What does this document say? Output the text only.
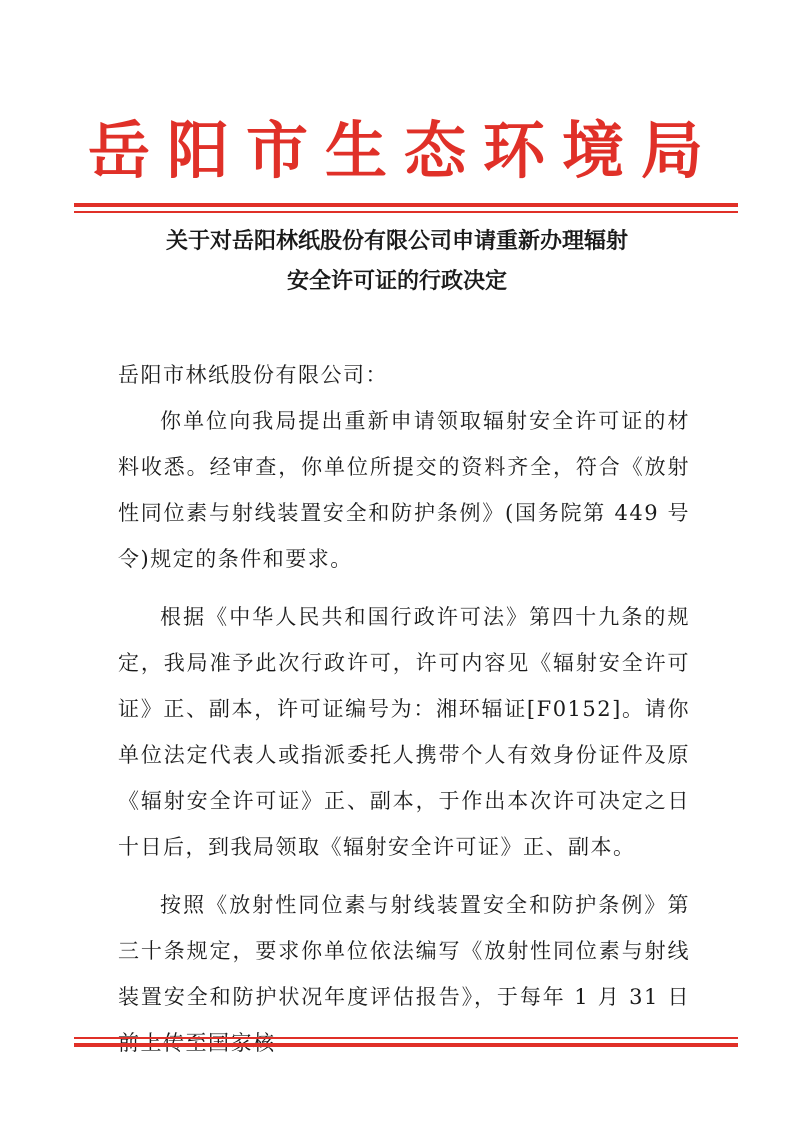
岳阳市生态环境局
关于对岳阳林纸股份有限公司申请重新办理辐射
安全许可证的行政决定

岳阳市林纸股份有限公司：

你单位向我局提出重新申请领取辐射安全许可证的材料收悉。经审查，你单位所提交的资料齐全，符合《放射性同位素与射线装置安全和防护条例》(国务院第 449 号令)规定的条件和要求。

根据《中华人民共和国行政许可法》第四十九条的规定，我局准予此次行政许可，许可内容见《辐射安全许可证》正、副本，许可证编号为：湘环辐证[F0152]。请你单位法定代表人或指派委托人携带个人有效身份证件及原《辐射安全许可证》正、副本，于作出本次许可决定之日十日后，到我局领取《辐射安全许可证》正、副本。

按照《放射性同位素与射线装置安全和防护条例》第三十条规定，要求你单位依法编写《放射性同位素与射线装置安全和防护状况年度评估报告》，于每年 1 月 31 日
